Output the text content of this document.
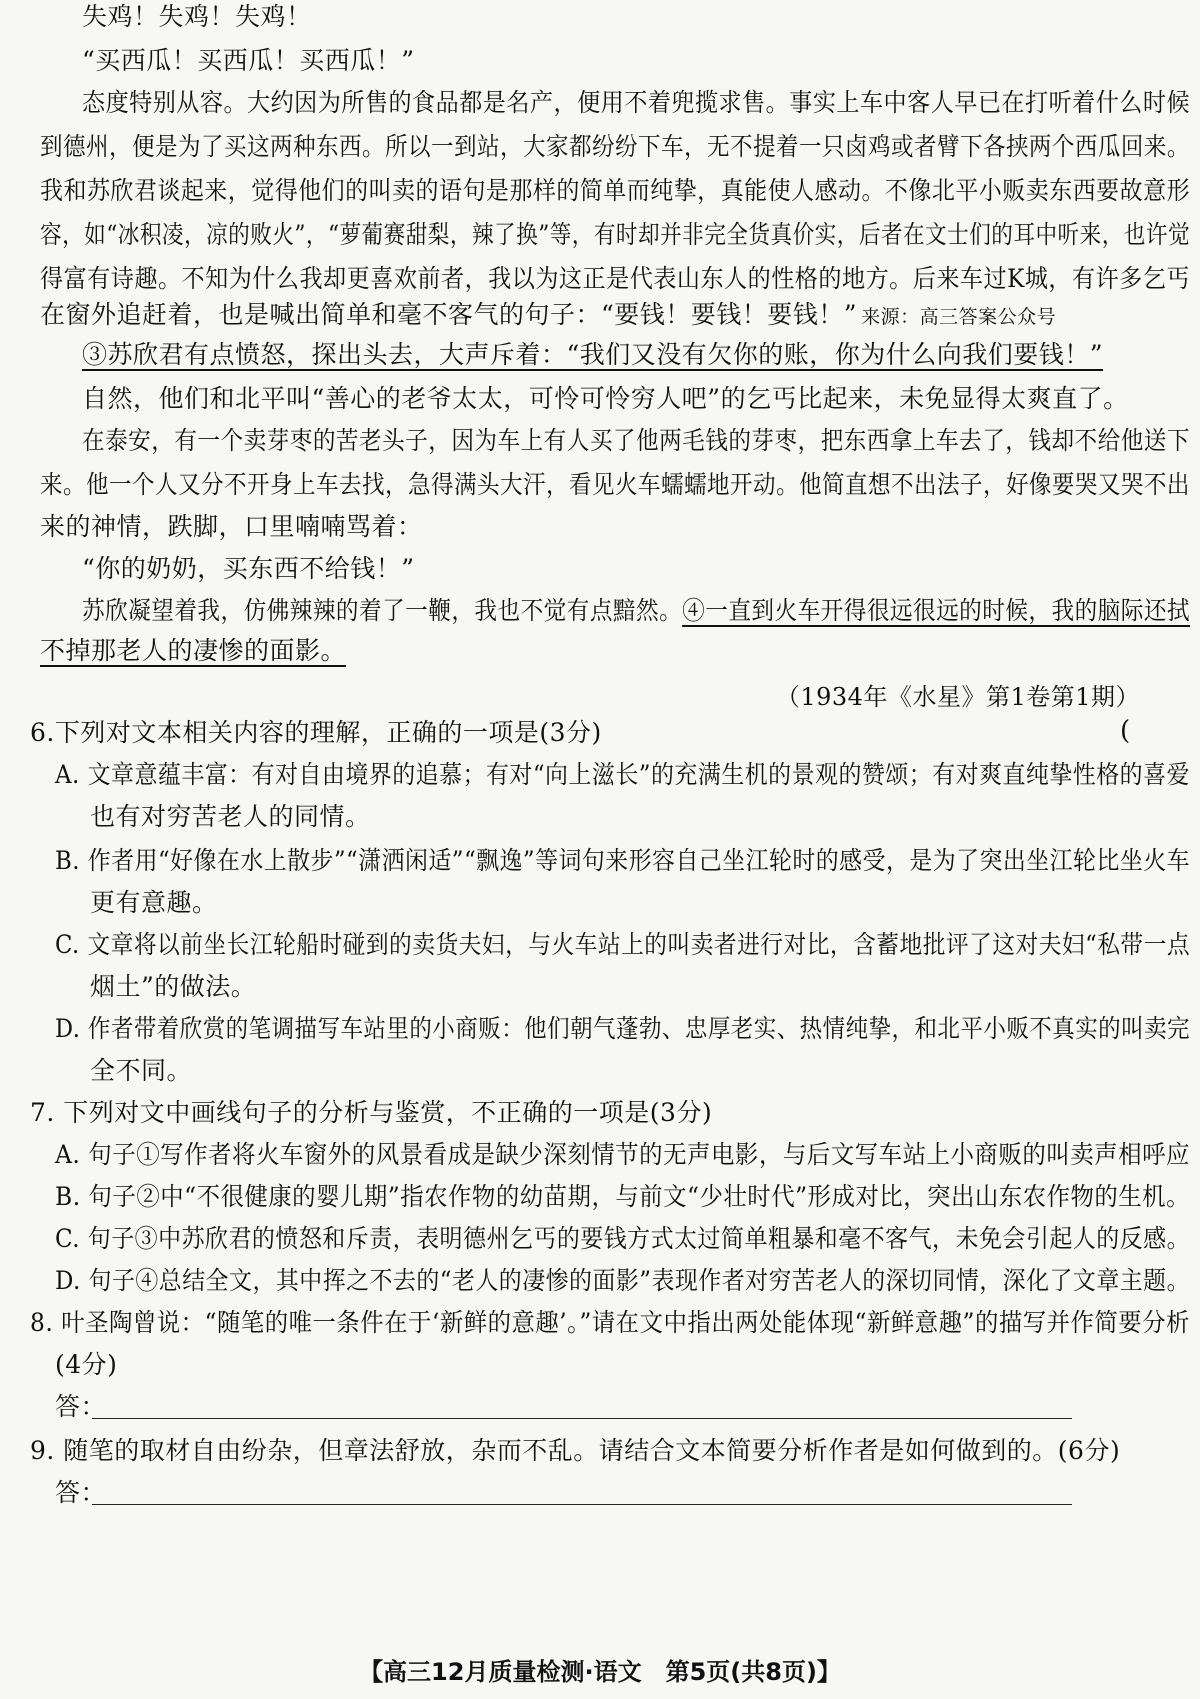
失鸡！失鸡！失鸡！
“买西瓜！买西瓜！买西瓜！”
态度特别从容。大约因为所售的食品都是名产，便用不着兜揽求售。事实上车中客人早已在打听着什么时候
到德州，便是为了买这两种东西。所以一到站，大家都纷纷下车，无不提着一只卤鸡或者臂下各挟两个西瓜回来。
我和苏欣君谈起来，觉得他们的叫卖的语句是那样的简单而纯挚，真能使人感动。不像北平小贩卖东西要故意形
容，如“冰积凌，凉的败火”，“萝葡赛甜梨，辣了换”等，有时却并非完全货真价实，后者在文士们的耳中听来，也许觉
得富有诗趣。不知为什么我却更喜欢前者，我以为这正是代表山东人的性格的地方。后来车过K城，有许多乞丐
在窗外追赶着，也是喊出简单和毫不客气的句子：“要钱！要钱！要钱！” 来源：高三答案公众号
③苏欣君有点愤怒，探出头去，大声斥着：“我们又没有欠你的账，你为什么向我们要钱！”
自然，他们和北平叫“善心的老爷太太，可怜可怜穷人吧”的乞丐比起来，未免显得太爽直了。
在泰安，有一个卖芽枣的苦老头子，因为车上有人买了他两毛钱的芽枣，把东西拿上车去了，钱却不给他送下
来。他一个人又分不开身上车去找，急得满头大汗，看见火车蠕蠕地开动。他简直想不出法子，好像要哭又哭不出
来的神情，跌脚，口里喃喃骂着：
“你的奶奶，买东西不给钱！”
苏欣凝望着我，仿佛辣辣的着了一鞭，我也不觉有点黯然。④一直到火车开得很远很远的时候，我的脑际还拭
不掉那老人的凄惨的面影。
（1934年《水星》第1卷第1期）
6.下列对文本相关内容的理解，正确的一项是(3分)	(
A. 文章意蕴丰富：有对自由境界的追慕；有对“向上滋长”的充满生机的景观的赞颂；有对爽直纯挚性格的喜爱
也有对穷苦老人的同情。
B. 作者用“好像在水上散步”“潇洒闲适”“飘逸”等词句来形容自己坐江轮时的感受，是为了突出坐江轮比坐火车
更有意趣。
C. 文章将以前坐长江轮船时碰到的卖货夫妇，与火车站上的叫卖者进行对比，含蓄地批评了这对夫妇“私带一点
烟土”的做法。
D. 作者带着欣赏的笔调描写车站里的小商贩：他们朝气蓬勃、忠厚老实、热情纯挚，和北平小贩不真实的叫卖完
全不同。
7. 下列对文中画线句子的分析与鉴赏，不正确的一项是(3分)
A. 句子①写作者将火车窗外的风景看成是缺少深刻情节的无声电影，与后文写车站上小商贩的叫卖声相呼应
B. 句子②中“不很健康的婴儿期”指农作物的幼苗期，与前文“少壮时代”形成对比，突出山东农作物的生机。
C. 句子③中苏欣君的愤怒和斥责，表明德州乞丐的要钱方式太过简单粗暴和毫不客气，未免会引起人的反感。
D. 句子④总结全文，其中挥之不去的“老人的凄惨的面影”表现作者对穷苦老人的深切同情，深化了文章主题。
8. 叶圣陶曾说：“随笔的唯一条件在于‘新鲜的意趣’。”请在文中指出两处能体现“新鲜意趣”的描写并作简要分析
(4分)
答：
9. 随笔的取材自由纷杂，但章法舒放，杂而不乱。请结合文本简要分析作者是如何做到的。(6分)
答：
【高三12月质量检测·语文　第5页(共8页)】
